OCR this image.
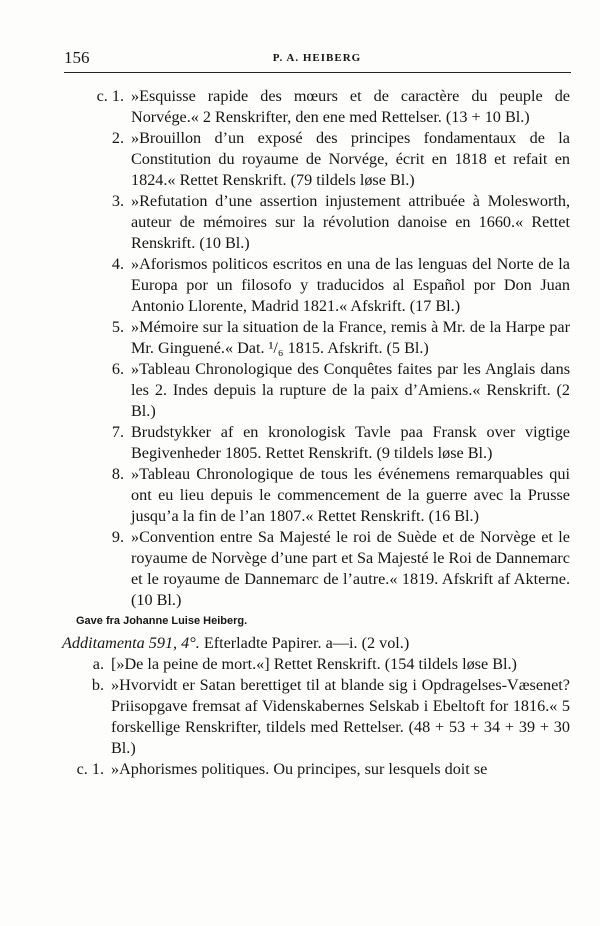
156	P. A. HEIBERG
c. 1. »Esquisse rapide des mœurs et de caractère du peuple de Norvége.« 2 Renskrifter, den ene med Rettelser. (13 + 10 Bl.)
2. »Brouillon d’un exposé des principes fondamentaux de la Constitution du royaume de Norvége, écrit en 1818 et refait en 1824.« Rettet Renskrift. (79 tildels løse Bl.)
3. »Refutation d’une assertion injustement attribuée à Molesworth, auteur de mémoires sur la révolution danoise en 1660.« Rettet Renskrift. (10 Bl.)
4. »Aforismos politicos escritos en una de las lenguas del Norte de la Europa por un filosofo y traducidos al Español por Don Juan Antonio Llorente, Madrid 1821.« Afskrift. (17 Bl.)
5. »Mémoire sur la situation de la France, remis à Mr. de la Harpe par Mr. Ginguené.« Dat. ¹/₆ 1815. Afskrift. (5 Bl.)
6. »Tableau Chronologique des Conquêtes faites par les Anglais dans les 2. Indes depuis la rupture de la paix d’Amiens.« Renskrift. (2 Bl.)
7. Brudstykker af en kronologisk Tavle paa Fransk over vigtige Begivenheder 1805. Rettet Renskrift. (9 tildels løse Bl.)
8. »Tableau Chronologique de tous les événemens remarquables qui ont eu lieu depuis le commencement de la guerre avec la Prusse jusqu’a la fin de l’an 1807.« Rettet Renskrift. (16 Bl.)
9. »Convention entre Sa Majesté le roi de Suède et de Norvège et le royaume de Norvège d’une part et Sa Majesté le Roi de Dannemarc et le royaume de Dannemarc de l’autre.« 1819. Afskrift af Akterne. (10 Bl.)
Gave fra Johanne Luise Heiberg.
Additamenta 591, 4°. Efterladte Papirer. a—i. (2 vol.)
a. [»De la peine de mort.«] Rettet Renskrift. (154 tildels løse Bl.)
b. »Hvorvidt er Satan berettiget til at blande sig i Opdragelses-Væsenet? Priisopgave fremsat af Videnskabernes Selskab i Ebeltoft for 1816.« 5 forskellige Renskrifter, tildels med Rettelser. (48 + 53 + 34 + 39 + 30 Bl.)
c. 1. »Aphorismes politiques. Ou principes, sur lesquels doit se
